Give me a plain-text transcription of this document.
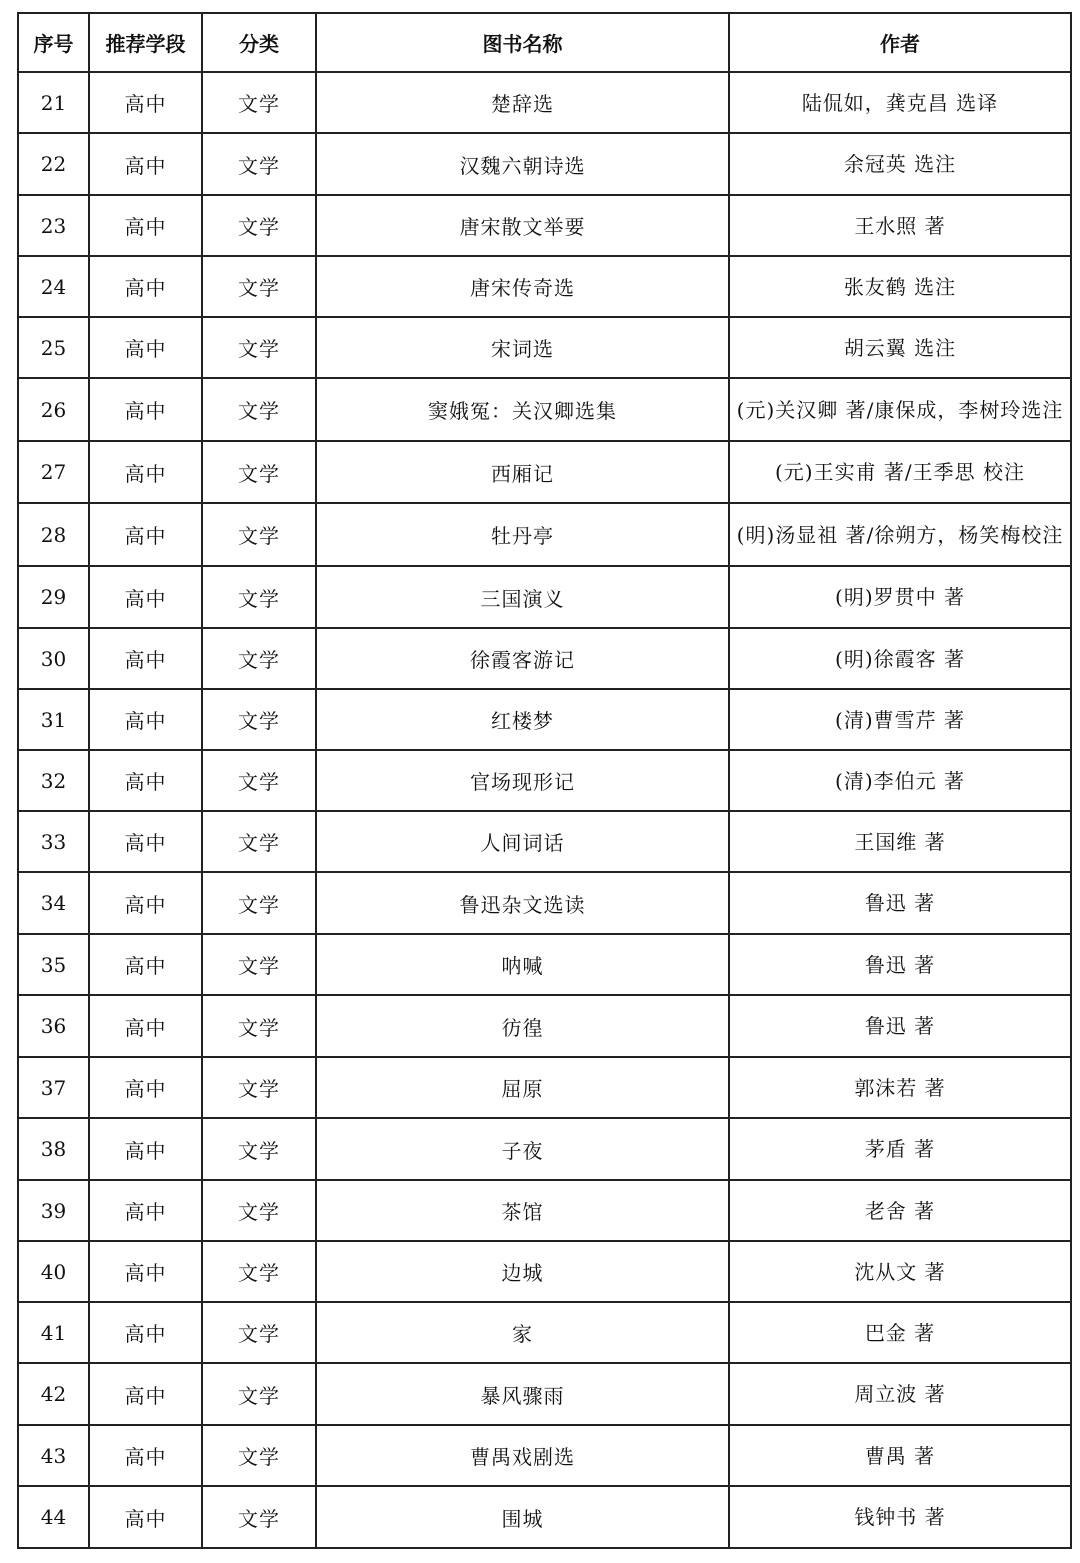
序号	推荐学段	分类	图书名称	作者
21	高中	文学	楚辞选	陆侃如，龚克昌 选译
22	高中	文学	汉魏六朝诗选	余冠英 选注
23	高中	文学	唐宋散文举要	王水照 著
24	高中	文学	唐宋传奇选	张友鹤 选注
25	高中	文学	宋词选	胡云翼 选注
26	高中	文学	窦娥冤：关汉卿选集	(元)关汉卿 著/康保成，李树玲选注
27	高中	文学	西厢记	(元)王实甫 著/王季思 校注
28	高中	文学	牡丹亭	(明)汤显祖 著/徐朔方，杨笑梅校注
29	高中	文学	三国演义	(明)罗贯中 著
30	高中	文学	徐霞客游记	(明)徐霞客 著
31	高中	文学	红楼梦	(清)曹雪芹 著
32	高中	文学	官场现形记	(清)李伯元 著
33	高中	文学	人间词话	王国维 著
34	高中	文学	鲁迅杂文选读	鲁迅 著
35	高中	文学	呐喊	鲁迅 著
36	高中	文学	彷徨	鲁迅 著
37	高中	文学	屈原	郭沫若 著
38	高中	文学	子夜	茅盾 著
39	高中	文学	茶馆	老舍 著
40	高中	文学	边城	沈从文 著
41	高中	文学	家	巴金 著
42	高中	文学	暴风骤雨	周立波 著
43	高中	文学	曹禺戏剧选	曹禺 著
44	高中	文学	围城	钱钟书 著
